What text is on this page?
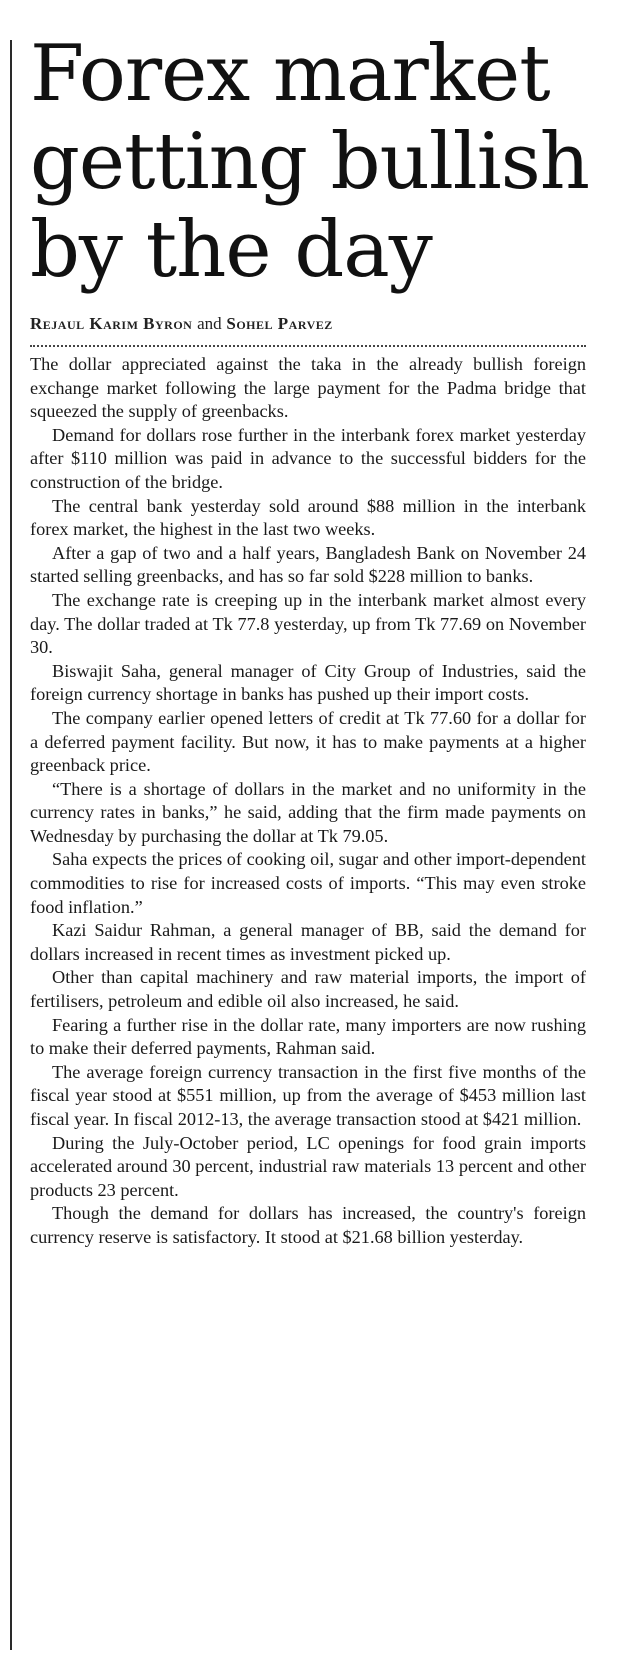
Forex market getting bullish by the day
Rejaul Karim Byron and Sohel Parvez

The dollar appreciated against the taka in the already bullish foreign exchange market following the large payment for the Padma bridge that squeezed the supply of greenbacks.

Demand for dollars rose further in the interbank forex market yesterday after $110 million was paid in advance to the successful bidders for the construction of the bridge.

The central bank yesterday sold around $88 million in the interbank forex market, the highest in the last two weeks.

After a gap of two and a half years, Bangladesh Bank on November 24 started selling greenbacks, and has so far sold $228 million to banks.

The exchange rate is creeping up in the interbank market almost every day. The dollar traded at Tk 77.8 yesterday, up from Tk 77.69 on November 30.

Biswajit Saha, general manager of City Group of Industries, said the foreign currency shortage in banks has pushed up their import costs.

The company earlier opened letters of credit at Tk 77.60 for a dollar for a deferred payment facility. But now, it has to make payments at a higher greenback price.

“There is a shortage of dollars in the market and no uniformity in the currency rates in banks,” he said, adding that the firm made payments on Wednesday by purchasing the dollar at Tk 79.05.

Saha expects the prices of cooking oil, sugar and other import-dependent commodities to rise for increased costs of imports. “This may even stroke food inflation.”

Kazi Saidur Rahman, a general manager of BB, said the demand for dollars increased in recent times as investment picked up.

Other than capital machinery and raw material imports, the import of fertilisers, petroleum and edible oil also increased, he said.

Fearing a further rise in the dollar rate, many importers are now rushing to make their deferred payments, Rahman said.

The average foreign currency transaction in the first five months of the fiscal year stood at $551 million, up from the average of $453 million last fiscal year. In fiscal 2012-13, the average transaction stood at $421 million.

During the July-October period, LC openings for food grain imports accelerated around 30 percent, industrial raw materials 13 percent and other products 23 percent.

Though the demand for dollars has increased, the country's foreign currency reserve is satisfactory. It stood at $21.68 billion yesterday.
